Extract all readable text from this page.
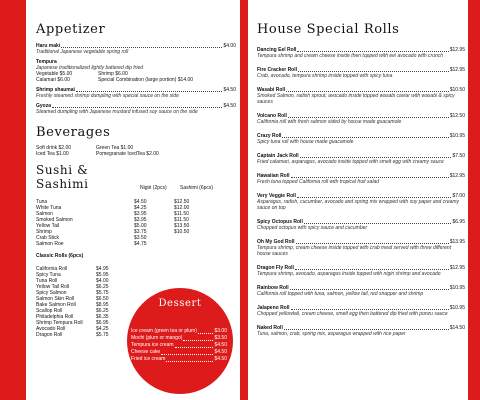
Appetizer
Haru maki	$4.00
Traditional Japanese vegetable spring roll
Tempura
Japanese traditionalized lightly battered dip fried
Vegetable $5.00	Shrimp $6.00
Calamari $6.00	Special Combination (large portion) $14.00
Shrimp shaumai	$4.50
Freshly steamed shrimp dumpling with special sauce on the side
Gyoza	$4.50
Steamed dumpling with Japanese mustard infused soy sauce on the side
Beverages
Soft drink $2.00	Green Tea $1.00
Iced Tea $1.00	Pomegranate IcedTea $2.00
Sushi & Sashimi	Nigiri (2pcs)	Sashimi (6pcs)
Tuna	$4.50	$12.50
White Tuna	$4.25	$12.00
Salmon	$3.95	$11.50
Smoked Salmon	$3.95	$11.50
Yellow Tail	$5.00	$13.50
Shrimp	$3.75	$10.50
Crab Stick	$3.50
Salmon Roe	$4.75
Classic Rolls (6pcs)
California Roll	$4.95
Spicy Tuna	$5.95
Tuna Roll	$4.00
Yellow Tail Roll	$6.25
Spicy Salmon	$5.75
Salmon Skin Roll	$6.50
Bake Salmon Roll	$8.95
Scallop Roll	$6.25
Philadelphia Roll	$6.35
Shrimp Tempura Roll	$6.95
Avocado Roll	$4.25
Dragon Roll	$5.75
Dessert
Ice cream (green tea or plum)	$3.00
Mochi (plum or mango)	$3.50
Tempura ice cream	$4.50
Cheese cake	$4.50
Fried ice cream	$4.50
House Special Rolls
Dancing Eel Roll	$12.95
Tempura shrimp and cream cheese inside then topped with eel avocado with crunch
Fire Cracker Roll	$12.95
Crab, avocado, tempura shrimp inside topped with spicy tuna
Wasabi Roll	$10.50
Smoked Salmon, radish sprout, avocado inside topped wasabi caviar with wasabi & spicy sauces
Volcano Roll	$12.50
California roll with fresh salmon sided by house made guacamole
Crazy Roll	$10.95
Spicy tuna roll with house made guacamole
Captain Jack Roll	$7.50
Fried calamari, asparagus, avocado inside topped with smelt egg with creamy sauce
Hawaiian Roll	$12.95
Fresh tuna topped California roll with tropical fruit salad
Very Veggie Roll	$7.00
Asparagus, radish, cucumber, avocado and spring mix wrapped with soy paper and creamy sauce on top
Spicy Octopus Roll	$6.95
Chopped octopus with spicy sauce and cucumber
Oh My God Roll	$13.95
Tempura shrimp, cream cheese inside topped with crab meat served with three different house sauces
Dragon Fly Roll	$12.95
Tempura shrimp, avocado, asparagus inside topped with nigiri shrimp and avocado
Rainbow Roll	$10.95
California roll topped with tuna, salmon, yellow tail, red snapper and shrimp
Jalapeno Roll	$10.95
Chopped yellowtail, cream cheese, smelt egg then battered dip fried with ponzu sauce
Naked Roll	$14.50
Tuna, salmon, crab, spring mix, asparagus wrapped with rice paper
